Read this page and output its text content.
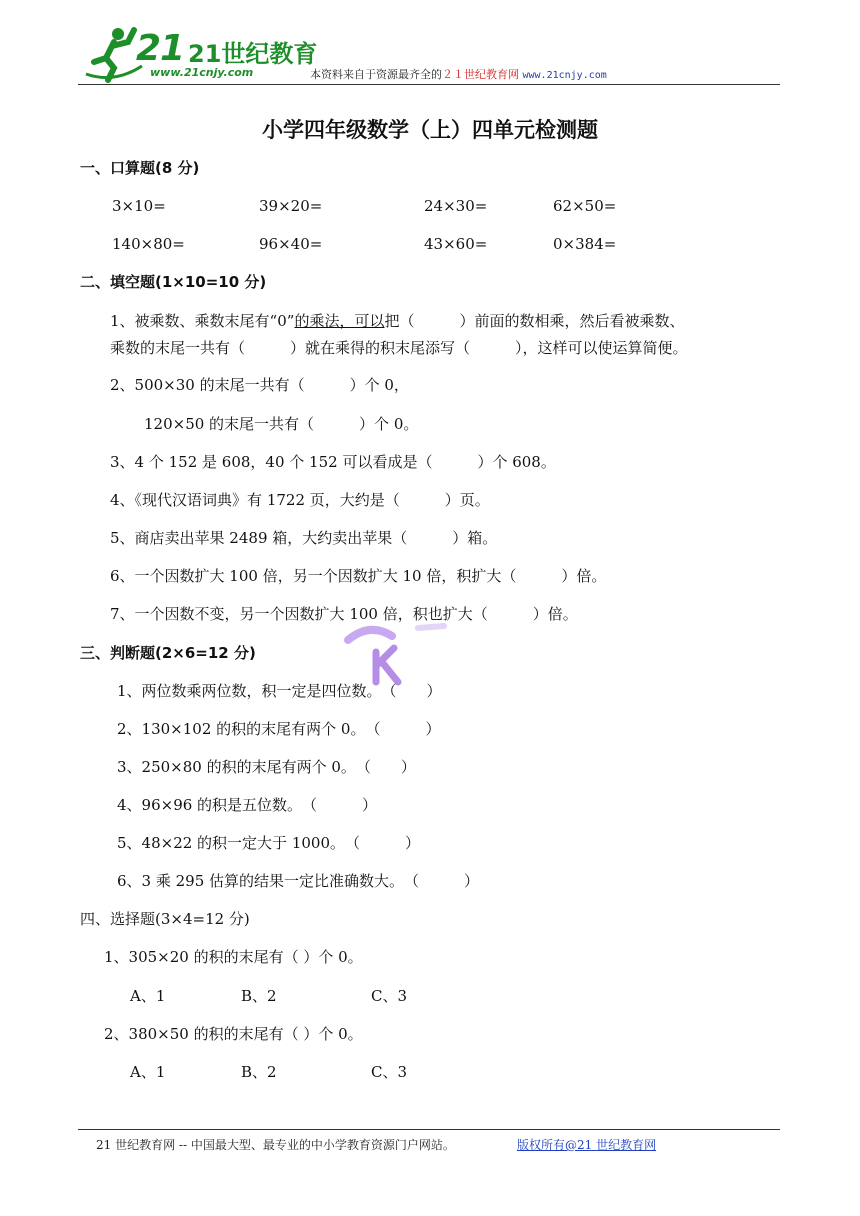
21 21世纪教育
www.21cnjy.com	本资料来自于资源最齐全的２１世纪教育网 www.21cnjy.com
小学四年级数学（上）四单元检测题
一、口算题(8 分)
3×10=	39×20=	24×30=	62×50=
140×80=	96×40=	43×60=	0×384=
二、填空题(1×10=10 分)
1、被乘数、乘数末尾有“0”的乘法，可以把（　　　）前面的数相乘，然后看被乘数、
乘数的末尾一共有（　　　）就在乘得的积末尾添写（　　　），这样可以使运算简便。
2、500×30 的末尾一共有（　　　）个 0，
120×50 的末尾一共有（　　　）个 0。
3、4 个 152 是 608，40 个 152 可以看成是（　　　）个 608。
4、《现代汉语词典》有 1722 页，大约是（　　　）页。
5、商店卖出苹果 2489 箱，大约卖出苹果（　　　）箱。
6、一个因数扩大 100 倍，另一个因数扩大 10 倍，积扩大（　　　）倍。
7、一个因数不变，另一个因数扩大 100 倍，积也扩大（　　　）倍。
三、判断题(2×6=12 分)
1、两位数乘两位数，积一定是四位数。　（　　）
2、130×102 的积的末尾有两个 0。　（　　　）
3、250×80 的积的末尾有两个 0。　（　　）
4、96×96 的积是五位数。　（　　　）
5、48×22 的积一定大于 1000。　（　　　）
6、3 乘 295 估算的结果一定比准确数大。　（　　　）
四、选择题(3×4=12 分)
1、305×20 的积的末尾有（ ）个 0。
A、1	B、2	C、3
2、380×50 的积的末尾有（ ）个 0。
A、1	B、2	C、3
21 世纪教育网 -- 中国最大型、最专业的中小学教育资源门户网站。	版权所有@21 世纪教育网
